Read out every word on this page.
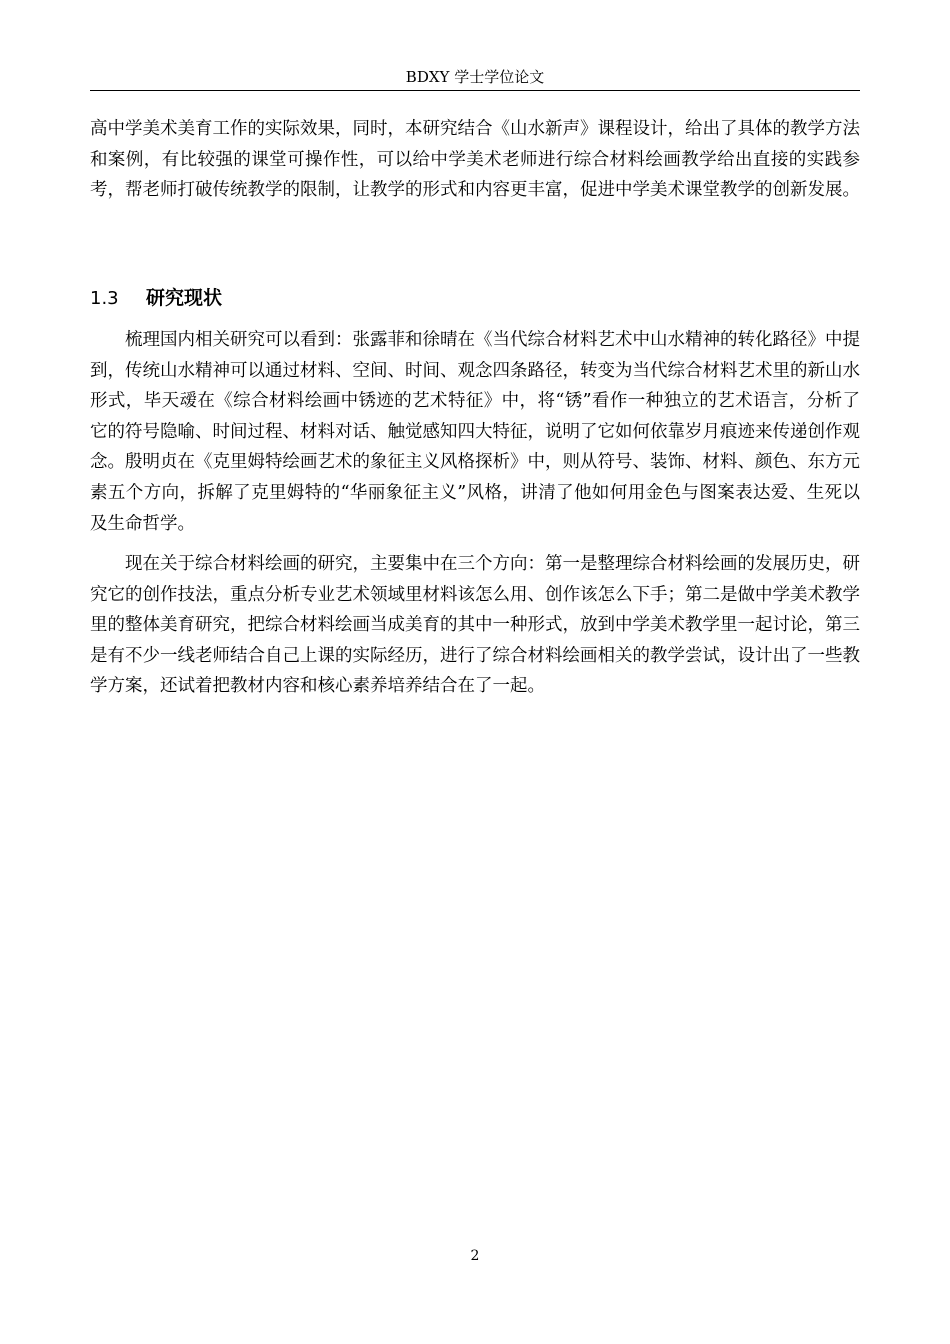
BDXY 学士学位论文

高中学美术美育工作的实际效果，同时，本研究结合《山水新声》课程设计，给出了具体的教学方法和案例，有比较强的课堂可操作性，可以给中学美术老师进行综合材料绘画教学给出直接的实践参考，帮老师打破传统教学的限制，让教学的形式和内容更丰富，促进中学美术课堂教学的创新发展。

1.3 研究现状

梳理国内相关研究可以看到：张露菲和徐晴在《当代综合材料艺术中山水精神的转化路径》中提到，传统山水精神可以通过材料、空间、时间、观念四条路径，转变为当代综合材料艺术里的新山水形式，毕天叆在《综合材料绘画中锈迹的艺术特征》中，将“锈”看作一种独立的艺术语言，分析了它的符号隐喻、时间过程、材料对话、触觉感知四大特征，说明了它如何依靠岁月痕迹来传递创作观念。殷明贞在《克里姆特绘画艺术的象征主义风格探析》中，则从符号、装饰、材料、颜色、东方元素五个方向，拆解了克里姆特的“华丽象征主义”风格，讲清了他如何用金色与图案表达爱、生死以及生命哲学。

现在关于综合材料绘画的研究，主要集中在三个方向：第一是整理综合材料绘画的发展历史，研究它的创作技法，重点分析专业艺术领域里材料该怎么用、创作该怎么下手；第二是做中学美术教学里的整体美育研究，把综合材料绘画当成美育的其中一种形式，放到中学美术教学里一起讨论，第三是有不少一线老师结合自己上课的实际经历，进行了综合材料绘画相关的教学尝试，设计出了一些教学方案，还试着把教材内容和核心素养培养结合在了一起。

2
